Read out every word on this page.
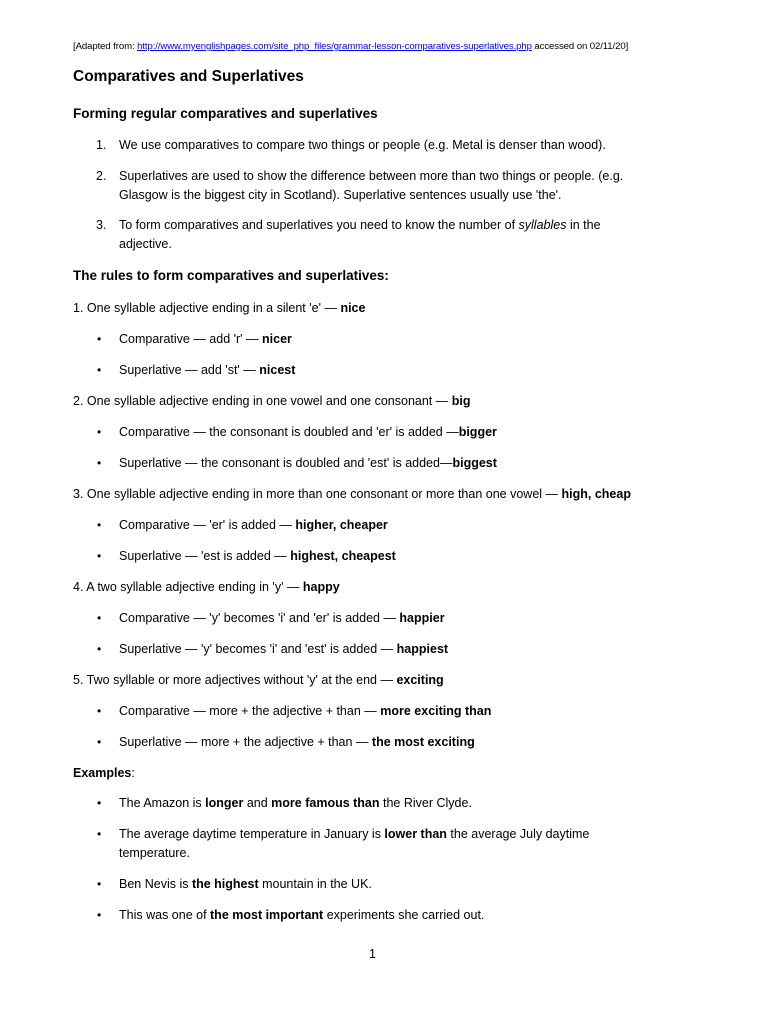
[Adapted from: http://www.myenglishpages.com/site_php_files/grammar-lesson-comparatives-superlatives.php accessed on 02/11/20]
Comparatives and Superlatives
Forming regular comparatives and superlatives
1. We use comparatives to compare two things or people (e.g. Metal is denser than wood).
2. Superlatives are used to show the difference between more than two things or people. (e.g.
Glasgow is the biggest city in Scotland). Superlative sentences usually use 'the'.
3. To form comparatives and superlatives you need to know the number of syllables in the
adjective.
The rules to form comparatives and superlatives:
1. One syllable adjective ending in a silent 'e' — nice
• Comparative — add 'r' — nicer
• Superlative — add 'st' — nicest
2. One syllable adjective ending in one vowel and one consonant — big
• Comparative — the consonant is doubled and 'er' is added —bigger
• Superlative — the consonant is doubled and 'est' is added—biggest
3. One syllable adjective ending in more than one consonant or more than one vowel — high, cheap
• Comparative — 'er' is added — higher, cheaper
• Superlative — 'est is added — highest, cheapest
4. A two syllable adjective ending in 'y' — happy
• Comparative — 'y' becomes 'i' and 'er' is added — happier
• Superlative — 'y' becomes 'i' and 'est' is added — happiest
5. Two syllable or more adjectives without 'y' at the end — exciting
• Comparative — more + the adjective + than — more exciting than
• Superlative — more + the adjective + than — the most exciting
Examples:
• The Amazon is longer and more famous than the River Clyde.
• The average daytime temperature in January is lower than the average July daytime
temperature.
• Ben Nevis is the highest mountain in the UK.
• This was one of the most important experiments she carried out.
1
